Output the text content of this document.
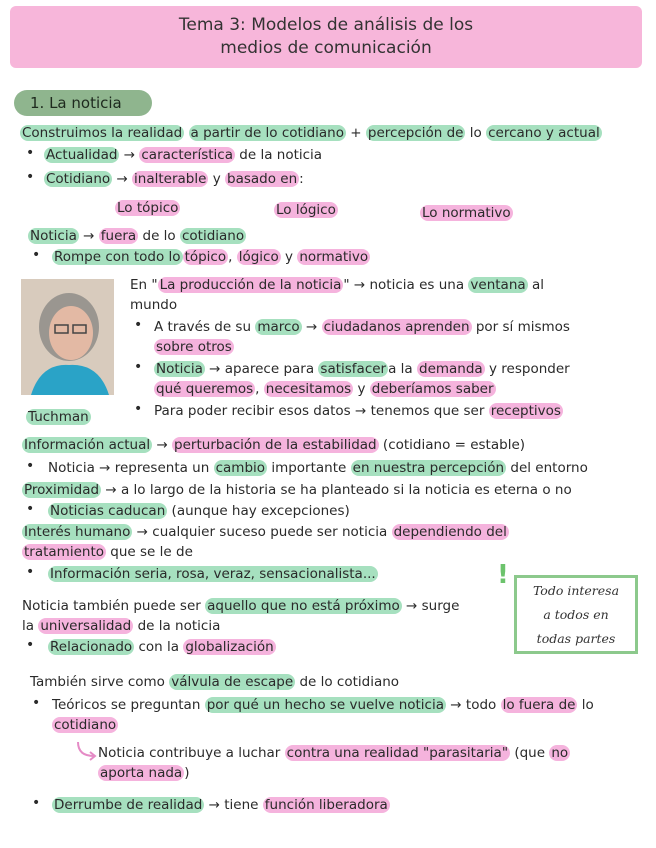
Tema 3: Modelos de análisis de los
medios de comunicación
1. La noticia
Construimos la realidad a partir de lo cotidiano + percepción de lo cercano y actual
• Actualidad → característica de la noticia
• Cotidiano → inalterable y basado en :
Lo tópico	Lo lógico	Lo normativo
Noticia → fuera de lo cotidiano
• Rompe con todo lo tópico , lógico y normativo
En " La producción de la noticia " → noticia es una ventana al
mundo
• A través de su marco → ciudadanos aprenden por sí mismos
sobre otros
• Noticia → aparece para satisfacer a la demanda y responder
qué queremos , necesitamos y deberíamos saber
• Para poder recibir esos datos → tenemos que ser receptivos
Tuchman
Información actual → perturbación de la estabilidad (cotidiano = estable)
• Noticia → representa un cambio importante en nuestra percepción del entorno
Proximidad → a lo largo de la historia se ha planteado si la noticia es eterna o no
• Noticias caducan (aunque hay excepciones)
Interés humano → cualquier suceso puede ser noticia dependiendo del
tratamiento que se le de
• Información seria, rosa, veraz, sensacionalista...
Noticia también puede ser aquello que no está próximo → surge
la universalidad de la noticia
• Relacionado con la globalización
! Todo interesa
a todos en
todas partes
También sirve como válvula de escape de lo cotidiano
• Teóricos se preguntan por qué un hecho se vuelve noticia → todo lo fuera de lo
cotidiano
Noticia contribuye a luchar contra una realidad "parasitaria" (que no
aporta nada )
• Derrumbe de realidad → tiene función liberadora
